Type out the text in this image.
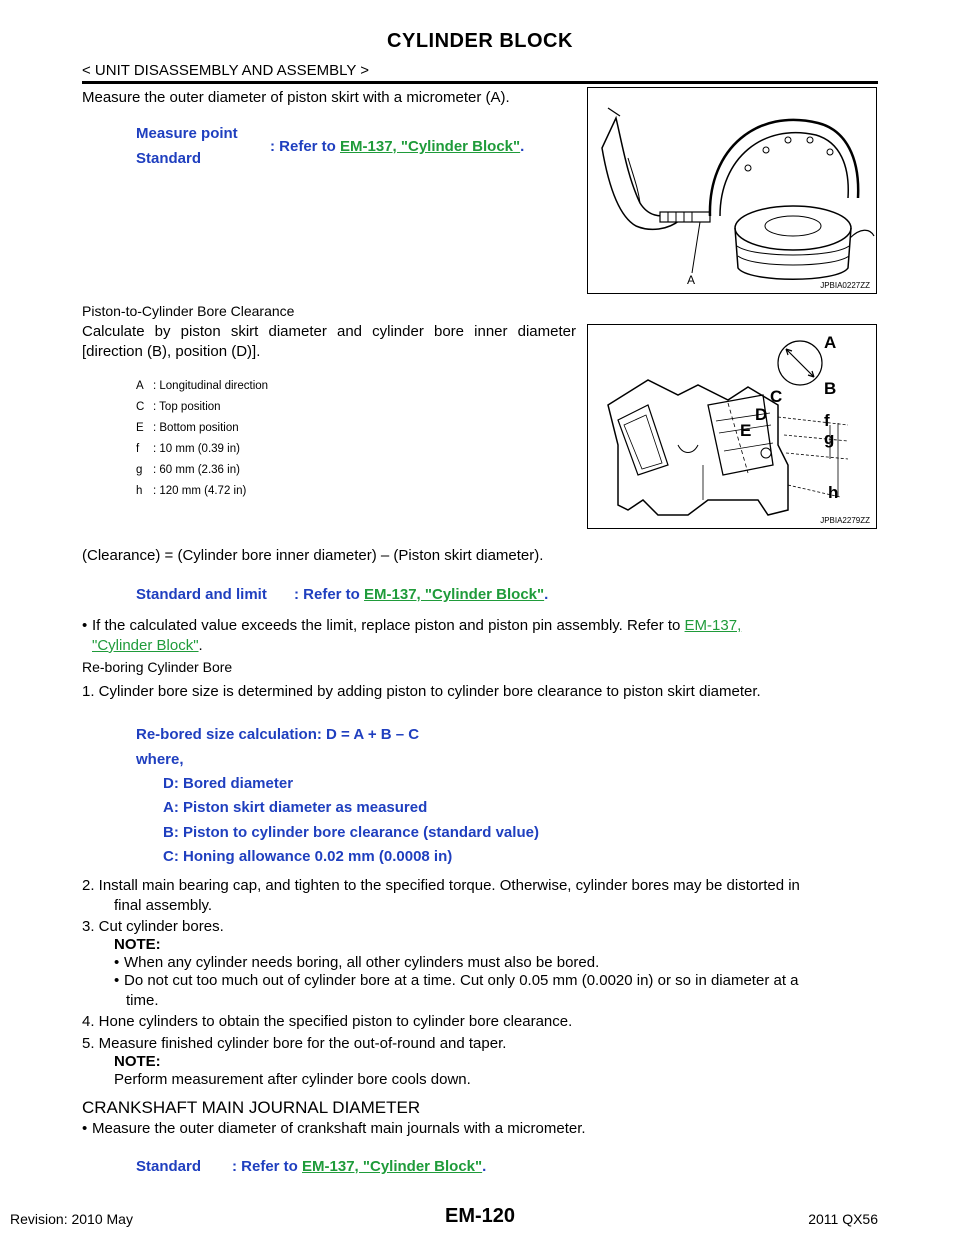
CYLINDER BLOCK
< UNIT DISASSEMBLY AND ASSEMBLY >
Measure the outer diameter of piston skirt with a micrometer (A).
Measure point
Standard
: Refer to EM-137, "Cylinder Block".
A	JPBIA0227ZZ
Piston-to-Cylinder Bore Clearance
Calculate by piston skirt diameter and cylinder bore inner diameter
[direction (B), position (D)].
A : Longitudinal direction
C : Top position
E : Bottom position
f : 10 mm (0.39 in)
g : 60 mm (2.36 in)
h : 120 mm (4.72 in)
A
B
C
D
E
f
g
h
JPBIA2279ZZ
(Clearance) = (Cylinder bore inner diameter) – (Piston skirt diameter).
Standard and limit : Refer to EM-137, "Cylinder Block".
• If the calculated value exceeds the limit, replace piston and piston pin assembly. Refer to EM-137,
"Cylinder Block".
Re-boring Cylinder Bore
1. Cylinder bore size is determined by adding piston to cylinder bore clearance to piston skirt diameter.
Re-bored size calculation: D = A + B – C
where,
D: Bored diameter
A: Piston skirt diameter as measured
B: Piston to cylinder bore clearance (standard value)
C: Honing allowance 0.02 mm (0.0008 in)
2. Install main bearing cap, and tighten to the specified torque. Otherwise, cylinder bores may be distorted in
final assembly.
3. Cut cylinder bores.
NOTE:
• When any cylinder needs boring, all other cylinders must also be bored.
• Do not cut too much out of cylinder bore at a time. Cut only 0.05 mm (0.0020 in) or so in diameter at a
time.
4. Hone cylinders to obtain the specified piston to cylinder bore clearance.
5. Measure finished cylinder bore for the out-of-round and taper.
NOTE:
Perform measurement after cylinder bore cools down.
CRANKSHAFT MAIN JOURNAL DIAMETER
• Measure the outer diameter of crankshaft main journals with a micrometer.
Standard : Refer to EM-137, "Cylinder Block".
EM-120
Revision: 2010 May	2011 QX56
